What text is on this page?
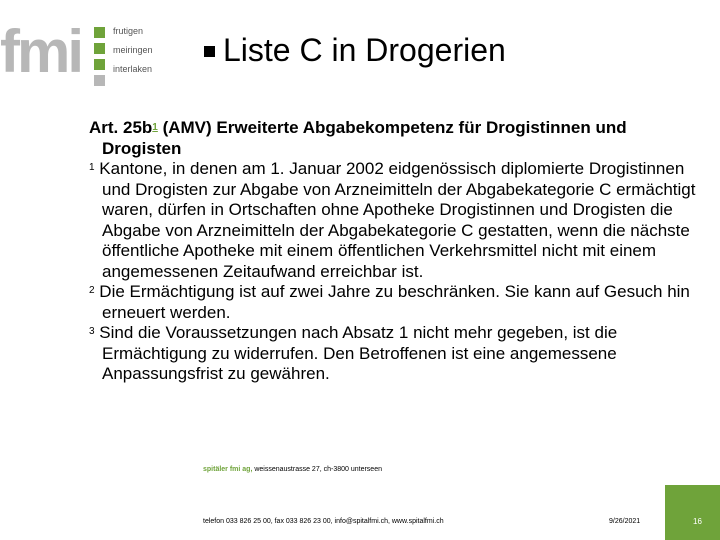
fmi	frutigen
meiringen
interlaken
Liste C in Drogerien

Art. 25b$^1$ (AMV) Erweiterte Abgabekompetenz für Drogistinnen und Drogisten

$^1$ Kantone, in denen am 1. Januar 2002 eidgenössisch diplomierte Drogistinnen und Drogisten zur Abgabe von Arzneimitteln der Abgabekategorie C ermächtigt waren, dürfen in Ortschaften ohne Apotheke Drogistinnen und Drogisten die Abgabe von Arzneimitteln der Abgabekategorie C gestatten, wenn die nächste öffentliche Apotheke mit einem öffentlichen Verkehrsmittel nicht mit einem angemessenen Zeitaufwand erreichbar ist.

$^2$ Die Ermächtigung ist auf zwei Jahre zu beschränken. Sie kann auf Gesuch hin erneuert werden.

$^3$ Sind die Voraussetzungen nach Absatz 1 nicht mehr gegeben, ist die Ermächtigung zu widerrufen. Den Betroffenen ist eine angemessene Anpassungsfrist zu gewähren.

spitäler fmi ag, weissenaustrasse 27, ch-3800 unterseen
telefon 033 826 25 00, fax 033 826 23 00, info@spitalfmi.ch, www.spitalfmi.ch	9/26/2021	16
